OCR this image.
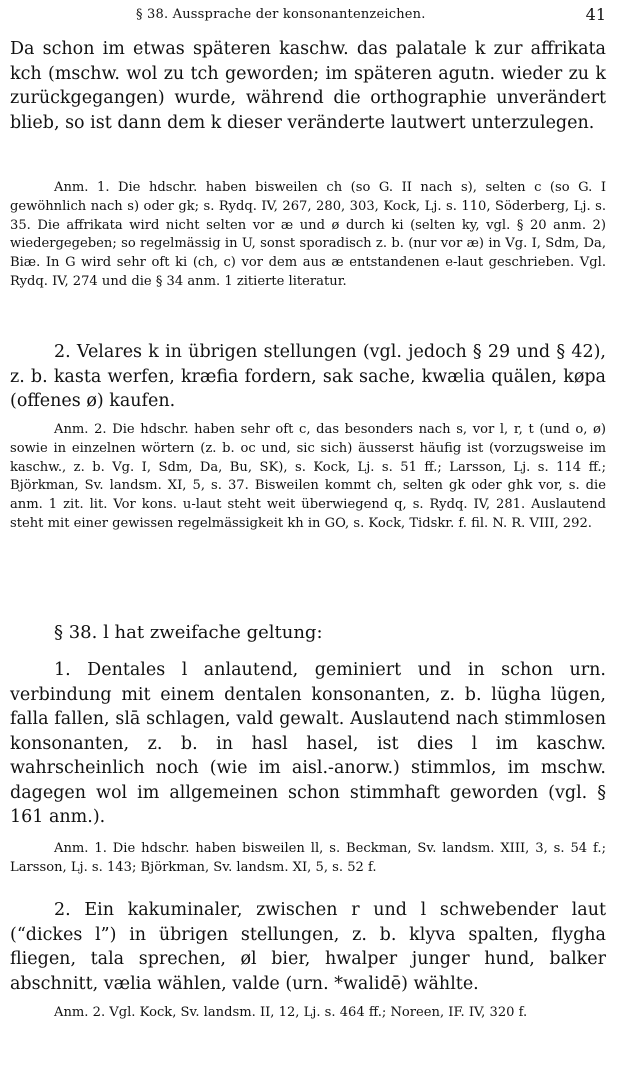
§ 38. Aussprache der konsonantenzeichen.	41
Da schon im etwas späteren kaschw. das palatale k zur affrikata kch (mschw. wol zu tch geworden; im späteren agutn. wieder zu k zurückgegangen) wurde, während die orthographie unverändert blieb, so ist dann dem k dieser veränderte lautwert unterzulegen.
Anm. 1. Die hdschr. haben bisweilen ch (so G. II nach s), selten c (so G. I gewöhnlich nach s) oder gk; s. Rydq. IV, 267, 280, 303, Kock, Lj. s. 110, Söderberg, Lj. s. 35. Die affrikata wird nicht selten vor æ und ø durch ki (selten ky, vgl. § 20 anm. 2) wiedergegeben; so regelmässig in U, sonst sporadisch z. b. (nur vor æ) in Vg. I, Sdm, Da, Biæ. In G wird sehr oft ki (ch, c) vor dem aus æ entstandenen e-laut geschrieben. Vgl. Rydq. IV, 274 und die § 34 anm. 1 zitierte literatur.
2. Velares k in übrigen stellungen (vgl. jedoch § 29 und § 42), z. b. kasta werfen, kræfia fordern, sak sache, kwælia quälen, køpa (offenes ø) kaufen.
Anm. 2. Die hdschr. haben sehr oft c, das besonders nach s, vor l, r, t (und o, ø) sowie in einzelnen wörtern (z. b. oc und, sic sich) äusserst häufig ist (vorzugsweise im kaschw., z. b. Vg. I, Sdm, Da, Bu, SK), s. Kock, Lj. s. 51 ff.; Larsson, Lj. s. 114 ff.; Björkman, Sv. landsm. XI, 5, s. 37. Bisweilen kommt ch, selten gk oder ghk vor, s. die anm. 1 zit. lit. Vor kons. u-laut steht weit überwiegend q, s. Rydq. IV, 281. Auslautend steht mit einer gewissen regelmässigkeit kh in GO, s. Kock, Tidskr. f. fil. N. R. VIII, 292.
§ 38. l hat zweifache geltung:
1. Dentales l anlautend, geminiert und in schon urn. verbindung mit einem dentalen konsonanten, z. b. lügha lügen, falla fallen, slā schlagen, vald gewalt. Auslautend nach stimmlosen konsonanten, z. b. in hasl hasel, ist dies l im kaschw. wahrscheinlich noch (wie im aisl.-anorw.) stimmlos, im mschw. dagegen wol im allgemeinen schon stimmhaft geworden (vgl. § 161 anm.).
Anm. 1. Die hdschr. haben bisweilen ll, s. Beckman, Sv. landsm. XIII, 3, s. 54 f.; Larsson, Lj. s. 143; Björkman, Sv. landsm. XI, 5, s. 52 f.
2. Ein kakuminaler, zwischen r und l schwebender laut (“dickes l”) in übrigen stellungen, z. b. klyva spalten, flygha fliegen, tala sprechen, øl bier, hwalper junger hund, balker abschnitt, vælia wählen, valde (urn. *walidē) wählte.
Anm. 2. Vgl. Kock, Sv. landsm. II, 12, Lj. s. 464 ff.; Noreen, IF. IV, 320 f.
